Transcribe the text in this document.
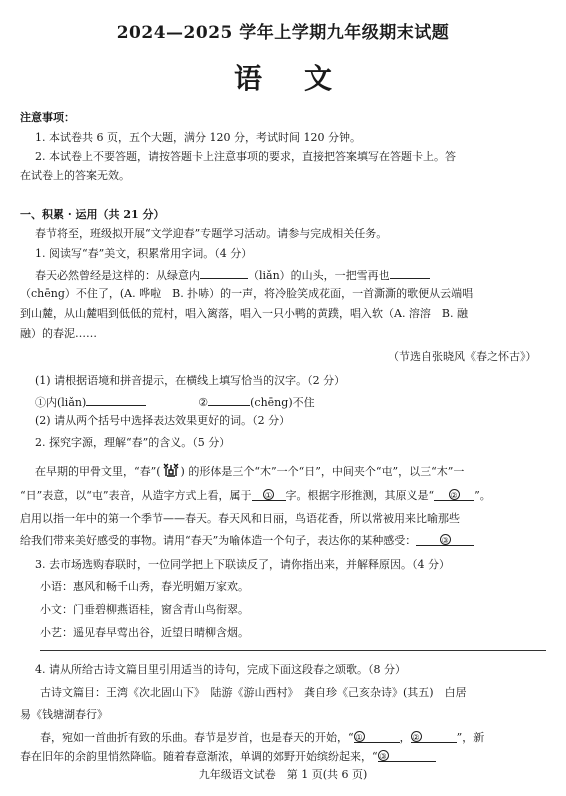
2024—2025 学年上学期九年级期末试题
语文
注意事项：
1. 本试卷共 6 页，五个大题，满分 120 分，考试时间 120 分钟。
2. 本试卷上不要答题，请按答题卡上注意事项的要求，直接把答案填写在答题卡上。答
在试卷上的答案无效。
一、积累 · 运用（共 21 分）
春节将至，班级拟开展“文学迎春”专题学习活动。请参与完成相关任务。
1. 阅读写“春”美文，积累常用字词。（4 分）
春天必然曾经是这样的：从绿意内	（liǎn）的山头，一把雪再也
（chēng）不住了，(A. 哗啦　B. 扑哧）的一声，将冷脸笑成花面，一首澌澌的歌便从云端唱
到山麓，从山麓唱到低低的荒村，唱入篱落，唱入一只小鸭的黄蹼，唱入软（A. 溶溶　B. 融
融）的春泥……
（节选自张晓风《春之怀古》）
(1) 请根据语境和拼音提示，在横线上填写恰当的汉字。（2 分）
①内(liǎn)	②	(chēng)不住
(2) 请从两个括号中选择表达效果更好的词。（2 分）
2. 探究字源，理解“春”的含义。（5 分）
在早期的甲骨文里，“春”( ) 的形体是三个“木”一个“日”，中间夹个“屯”，以三“木”一
“日”表意，以“屯”表音，从造字方式上看，属于 ① 字。根据字形推测，其原义是“ ② ”。
启用以指一年中的第一个季节——春天。春天风和日丽，鸟语花香，所以常被用来比喻那些
给我们带来美好感受的事物。请用“春天”为喻体造一个句子，表达你的某种感受：	③
3. 去市场选购春联时，一位同学把上下联读反了，请你指出来，并解释原因。（4 分）
小语：惠风和畅千山秀，春光明媚万家欢。
小文：门垂碧柳燕语桂，窗含青山鸟衔翠。
小艺：遥见春早莺出谷，近望日晴柳含烟。
4. 请从所给古诗文篇目里引用适当的诗句，完成下面这段春之颂歌。（8 分）
古诗文篇目：王湾《次北固山下》　陆游《游山西村》　龚自珍《己亥杂诗》(其五)　白居
易《钱塘湖春行》
春，宛如一首曲折有致的乐曲。春节是岁首，也是春天的开始，“ ①	， ②	”，新
春在旧年的余韵里悄然降临。随着春意渐浓，单调的郊野开始缤纷起来，“ ③
九年级语文试卷　第 1 页(共 6 页)
